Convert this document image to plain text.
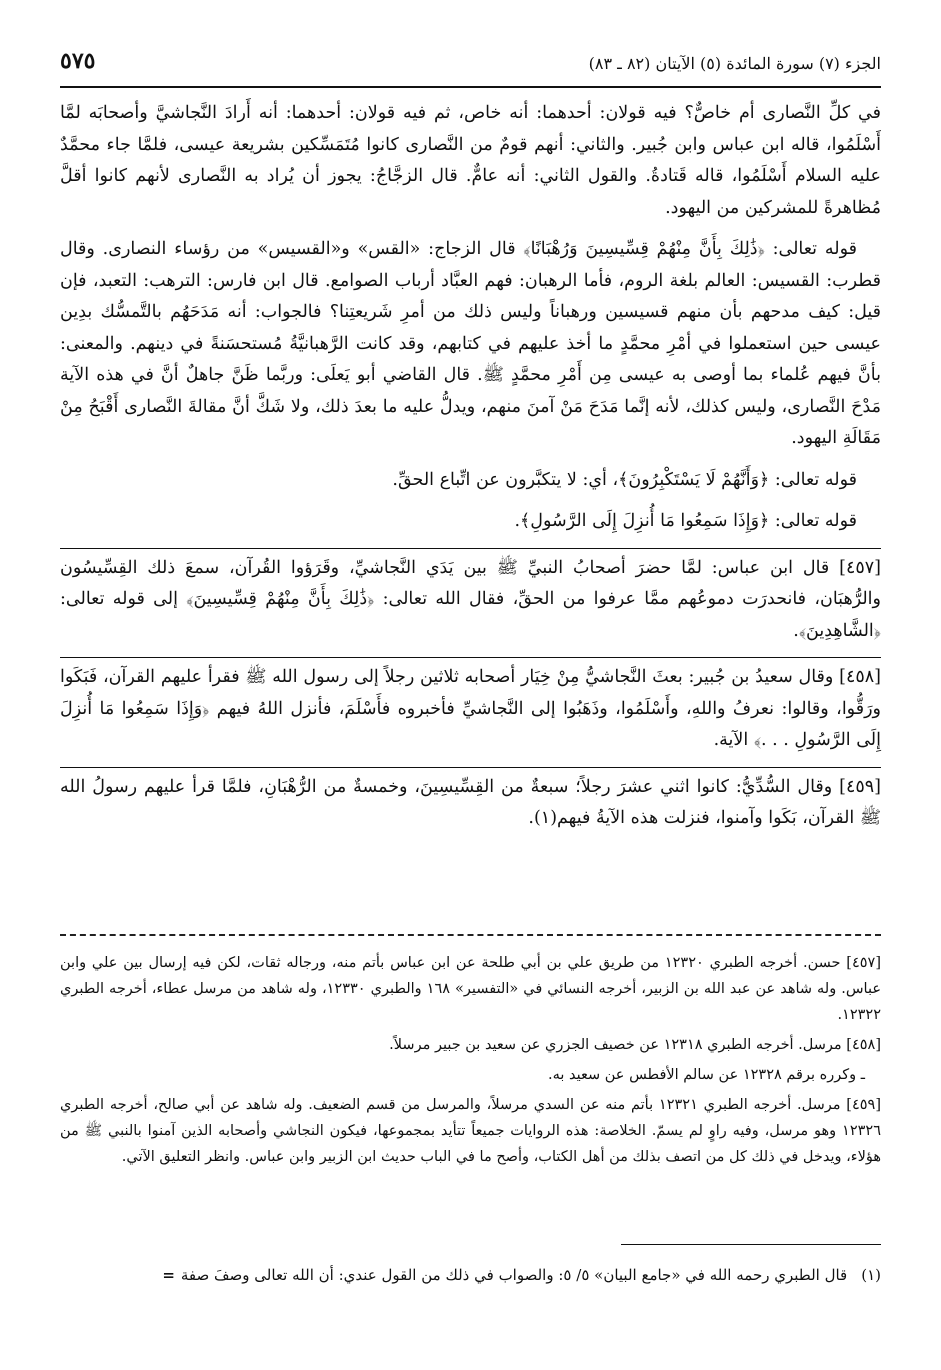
الجزء (٧) سورة المائدة (٥) الآيتان (٨٢ ـ ٨٣)
٥٧٥

في كلِّ النَّصارى أم خاصٌّ؟ فيه قولان: أحدهما: أنه خاص، ثم فيه قولان: أحدهما: أنه أَرادَ النَّجاشيَّ وأصحابَه لمَّا أَسْلَمُوا، قاله ابن عباس وابن جُبير. والثاني: أنهم قومٌ من النَّصارى كانوا مُتَمَسِّكين بشريعة عيسى، فلمَّا جاء محمَّدٌ عليه السلام أَسْلَمُوا، قاله قَتادةُ. والقول الثاني: أنه عامٌّ. قال الزجَّاجُ: يجوز أن يُراد به النَّصارى لأنهم كانوا أقلَّ مُظاهرةً للمشركين من اليهود.

قوله تعالى: ﴿ذَٰلِكَ بِأَنَّ مِنْهُمْ قِسِّيسِينَ وَرُهْبَانًا﴾ قال الزجاج: «القس» و«القسيس» من رؤساء النصارى. وقال قطرب: القسيس: العالم بلغة الروم، فأما الرهبان: فهم العبَّاد أرباب الصوامع. قال ابن فارس: الترهب: التعبد، فإن قيل: كيف مدحهم بأن منهم قسيسين ورهباناً وليس ذلك من أمرِ شَريعتِنا؟ فالجواب: أنه مَدَحَهُم بالتَّمسُّك بدِين عيسى حين استعملوا في أمْرِ محمَّدٍ ما أخذ عليهم في كتابهم، وقد كانت الرَّهبانيَّةُ مُستحسَنةً في دينهم. والمعنى: بأنَّ فيهم عُلماء بما أوصى به عيسى مِن أَمْرِ محمَّدٍ ﷺ. قال القاضي أبو يَعلَى: وربَّما ظَنَّ جاهلٌ أنَّ في هذه الآية مَدْحَ النَّصارى، وليس كذلك، لأنه إنَّما مَدَحَ مَنْ آمنَ منهم، ويدلُّ عليه ما بعدَ ذلك، ولا شَكَّ أنَّ مقالةَ النَّصارى أَقْبَحُ مِنْ مَقَالَةِ اليهود.

قوله تعالى: ﴿وَأَنَّهُمْ لَا يَسْتَكْبِرُونَ﴾، أي: لا يتكبَّرون عن اتِّباع الحقِّ.

قوله تعالى: ﴿وَإِذَا سَمِعُوا مَا أُنزِلَ إِلَى الرَّسُولِ﴾.

[٤٥٧] قال ابن عباس: لمَّا حضرَ أصحابُ النبيِّ ﷺ بين يَدَي النَّجاشيِّ، وقَرَؤوا القُرآن، سمعَ ذلك القِسِّيسُون والرُّهبَان، فانحدرَت دموعُهم ممَّا عرفوا من الحقِّ، فقال الله تعالى: ﴿ذَٰلِكَ بِأَنَّ مِنْهُمْ قِسِّيسِينَ﴾ إلى قوله تعالى: ﴿الشَّاهِدِينَ﴾.

[٤٥٨] وقال سعيدُ بن جُبير: بعثَ النَّجاشيُّ مِنْ خِيَار أصحابه ثلاثين رجلاً إلى رسول الله ﷺ فقرأ عليهم القرآن، فَبَكَوا ورَقُّوا، وقالوا: نعرفُ واللهِ، وأَسْلَمُوا، وذَهَبُوا إلى النَّجاشيِّ فأخبروه فأَسْلَمَ، فأنزل اللهُ فيهم ﴿وَإِذَا سَمِعُوا مَا أُنزِلَ إِلَى الرَّسُولِ . . .﴾ الآية.

[٤٥٩] وقال السُّدِّيُّ: كانوا اثني عشرَ رجلاً؛ سبعةٌ من القِسِّيسِينَ، وخمسةٌ من الرُّهْبَانِ، فلمَّا قرأ عليهم رسولُ الله ﷺ القرآن، بَكَوا وآمنوا، فنزلت هذه الآيةُ فيهم(١).

[٤٥٧] حسن. أخرجه الطبري ١٢٣٢٠ من طريق علي بن أبي طلحة عن ابن عباس بأتم منه، ورجاله ثقات، لكن فيه إرسال بين علي وابن عباس. وله شاهد عن عبد الله بن الزبير، أخرجه النسائي في «التفسير» ١٦٨ والطبري ١٢٣٣٠، وله شاهد من مرسل عطاء، أخرجه الطبري ١٢٣٢٢.

[٤٥٨] مرسل. أخرجه الطبري ١٢٣١٨ عن خصيف الجزري عن سعيد بن جبير مرسلاً.

ـ وكرره برقم ١٢٣٢٨ عن سالم الأفطس عن سعيد به.

[٤٥٩] مرسل. أخرجه الطبري ١٢٣٢١ بأتم منه عن السدي مرسلاً، والمرسل من قسم الضعيف. وله شاهد عن أبي صالح، أخرجه الطبري ١٢٣٢٦ وهو مرسل، وفيه راوٍ لم يسمّ. الخلاصة: هذه الروايات جميعاً تتأيد بمجموعها، فيكون النجاشي وأصحابه الذين آمنوا بالنبي ﷺ من هؤلاء، ويدخل في ذلك كل من اتصف بذلك من أهل الكتاب، وأصح ما في الباب حديث ابن الزبير وابن عباس. وانظر التعليق الآتي.

(١)قال الطبري رحمه الله في «جامع البيان» ٥/ ٥: والصواب في ذلك من القول عندي: أن الله تعالى وصفَ صفة=
